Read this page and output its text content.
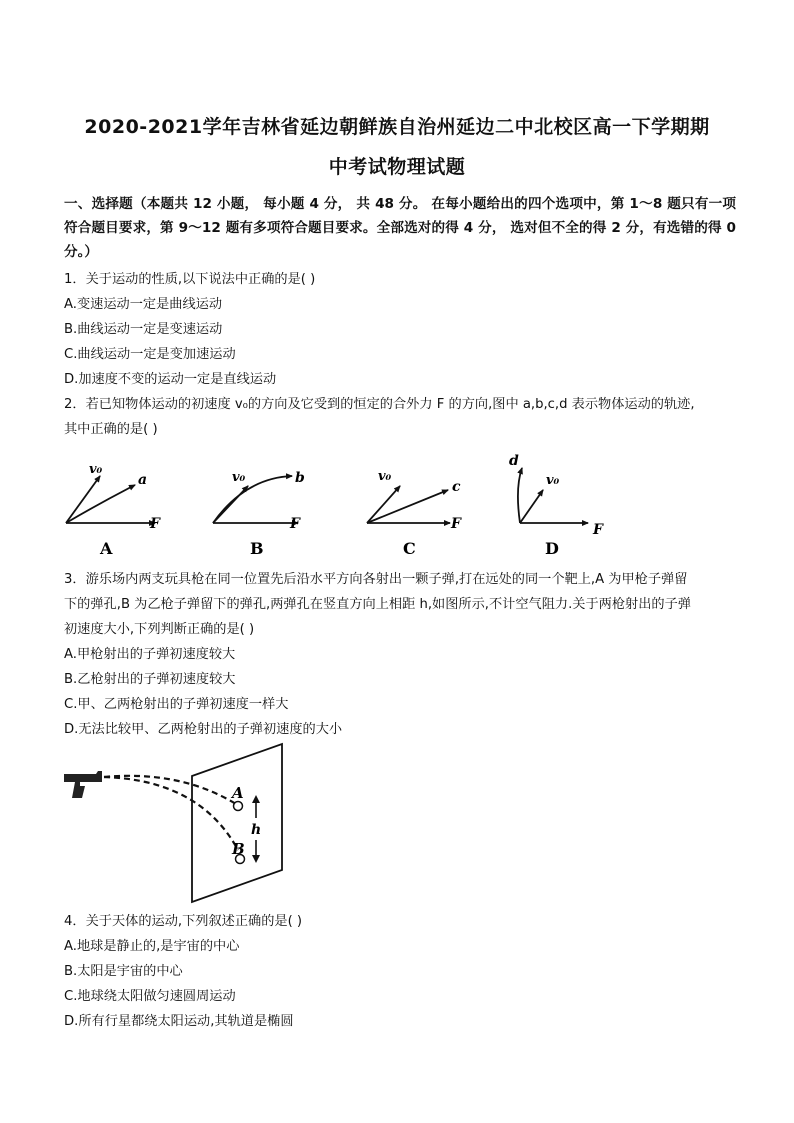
2020-2021学年吉林省延边朝鲜族自治州延边二中北校区高一下学期期
中考试物理试题
一、选择题（本题共 12 小题， 每小题 4 分， 共 48 分。 在每小题给出的四个选项中，第 1～8 题只有一项符合题目要求，第 9～12 题有多项符合题目要求。全部选对的得 4 分， 选对但不全的得 2 分，有选错的得 0 分。）
1．关于运动的性质,以下说法中正确的是( )
A.变速运动一定是曲线运动
B.曲线运动一定是变速运动
C.曲线运动一定是变加速运动
D.加速度不变的运动一定是直线运动
2．若已知物体运动的初速度 v₀的方向及它受到的恒定的合外力 F 的方向,图中 a,b,c,d 表示物体运动的轨迹,
其中正确的是( )
v₀
a
F
A
v₀	b
F
B
v₀
c
F
C
v₀
d
F
D
3．游乐场内两支玩具枪在同一位置先后沿水平方向各射出一颗子弹,打在远处的同一个靶上,A 为甲枪子弹留
下的弹孔,B 为乙枪子弹留下的弹孔,两弹孔在竖直方向上相距 h,如图所示,不计空气阻力.关于两枪射出的子弹
初速度大小,下列判断正确的是( )
A.甲枪射出的子弹初速度较大
B.乙枪射出的子弹初速度较大
C.甲、乙两枪射出的子弹初速度一样大
D.无法比较甲、乙两枪射出的子弹初速度的大小
A
B
h
4．关于天体的运动,下列叙述正确的是( )
A.地球是静止的,是宇宙的中心
B.太阳是宇宙的中心
C.地球绕太阳做匀速圆周运动
D.所有行星都绕太阳运动,其轨道是椭圆
